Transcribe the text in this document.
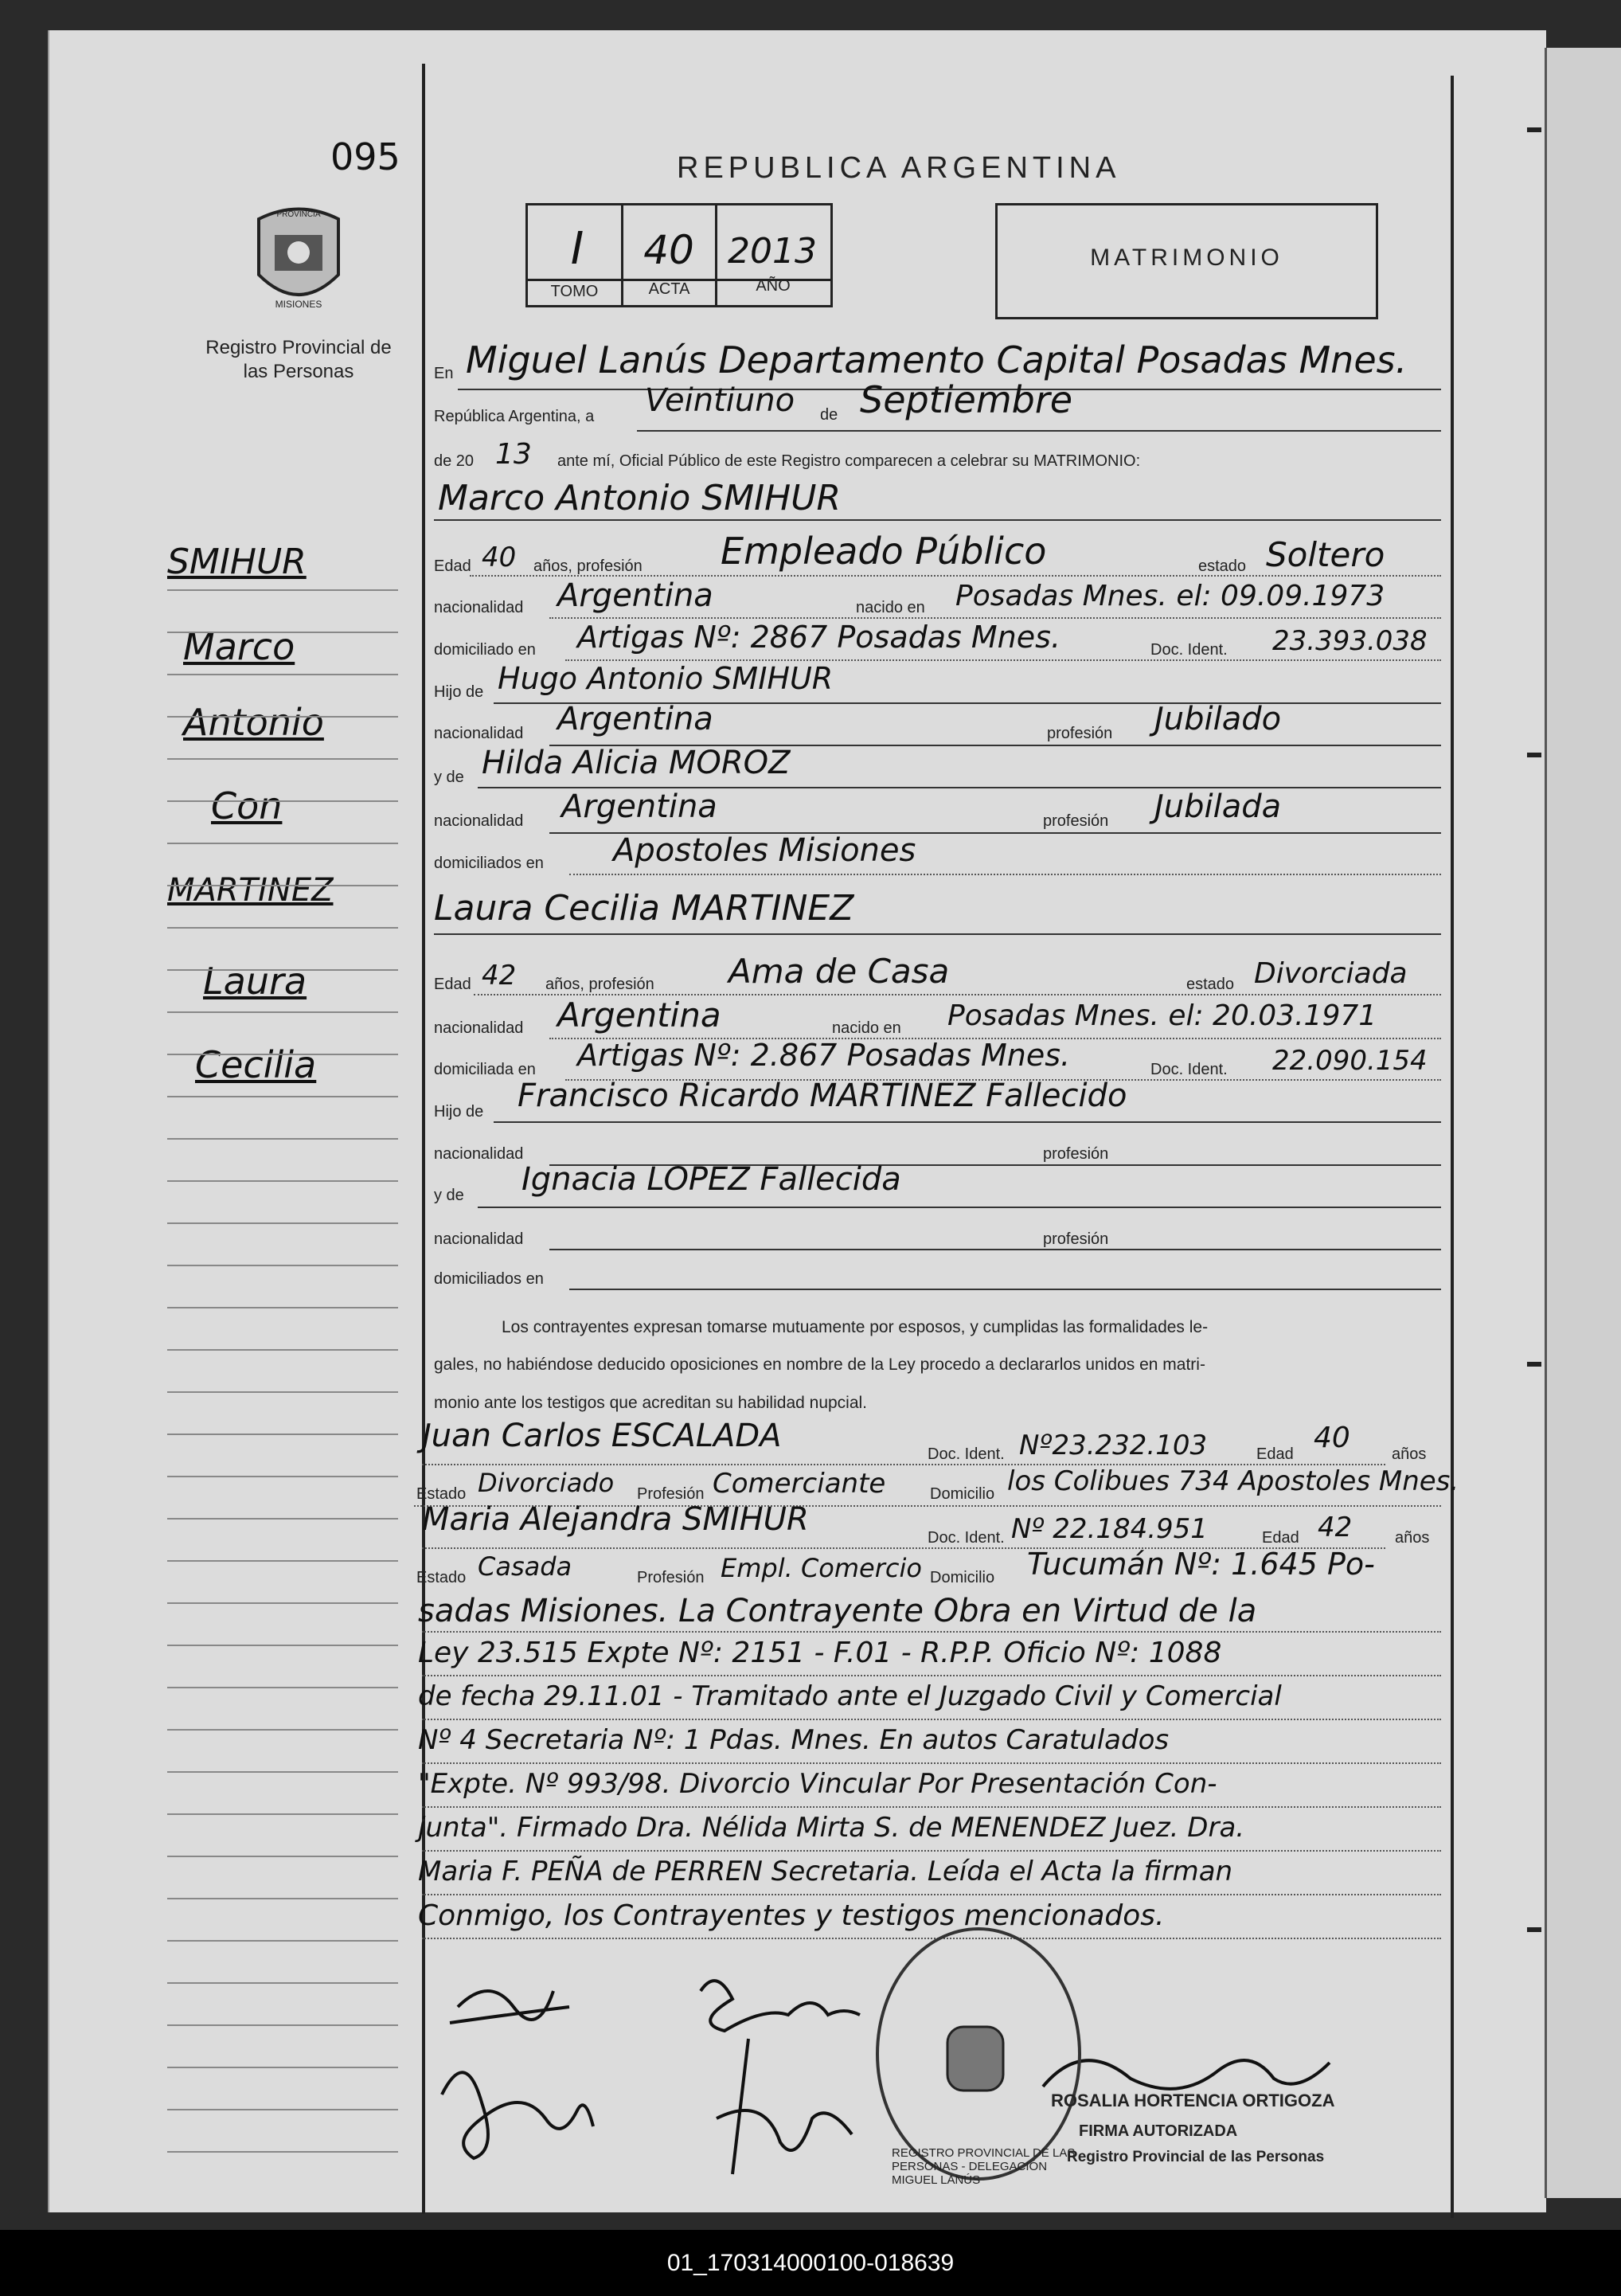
095
PROVINCIA
MISIONES
Registro Provincial de las Personas
REPUBLICA ARGENTINA
I	40 2013
TOMO	ACTA	AÑO
MATRIMONIO
SMIHUR
Marco
Antonio
Con
MARTINEZ
Laura
Cecilia
En Miguel Lanús Departamento Capital Posadas Mnes.
República Argentina, a Veintiuno de Septiembre
de 20 13 ante mí, Oficial Público de este Registro comparecen a celebrar su MATRIMONIO:
Marco Antonio SMIHUR
Edad 40 años, profesión Empleado Público	estado Soltero
nacionalidad Argentina	nacido en Posadas Mnes. el: 09.09.1973
domiciliado en Artigas Nº: 2867 Posadas Mnes.	Doc. Ident. 23.393.038
Hijo de Hugo Antonio SMIHUR
nacionalidad Argentina	profesión Jubilado
y de Hilda Alicia MOROZ
nacionalidad Argentina	profesión Jubilada
domiciliados en Apostoles Misiones
Laura Cecilia MARTINEZ
Edad 42 años, profesión Ama de Casa	estado Divorciada
nacionalidad Argentina	nacido en Posadas Mnes. el: 20.03.1971
domiciliada en Artigas Nº: 2.867 Posadas Mnes.	Doc. Ident. 22.090.154
Hijo de Francisco Ricardo MARTINEZ Fallecido
nacionalidad	profesión
y de Ignacia LOPEZ Fallecida
nacionalidad	profesión
domiciliados en
Los contrayentes expresan tomarse mutuamente por esposos, y cumplidas las formalidades le-
gales, no habiéndose deducido oposiciones en nombre de la Ley procedo a declararlos unidos en matri-
monio ante los testigos que acreditan su habilidad nupcial.
Juan Carlos ESCALADA	Doc. Ident. Nº23.232.103	Edad 40	años
Estado Divorciado Profesión Comerciante	Domicilio los Colibues 734 Apostoles Mnes.
Maria Alejandra SMIHUR	Doc. Ident. Nº 22.184.951	Edad 42	años
Estado Casada	Profesión Empl. Comercio Domicilio Tucumán Nº: 1.645 Po-
sadas Misiones. La Contrayente Obra en Virtud de la
Ley 23.515 Expte Nº: 2151 - F.01 - R.P.P. Oficio Nº: 1088
de fecha 29.11.01 - Tramitado ante el Juzgado Civil y Comercial
Nº 4 Secretaria Nº: 1 Pdas. Mnes. En autos Caratulados
"Expte. Nº 993/98. Divorcio Vincular Por Presentación Con-
junta". Firmado Dra. Nélida Mirta S. de MENENDEZ Juez. Dra.
Maria F. PEÑA de PERREN Secretaria. Leída el Acta la firman
Conmigo, los Contrayentes y testigos mencionados.
REGISTRO PROVINCIAL DE LAS PERSONAS - DELEGACIÓN MIGUEL LANÚS
ROSALIA HORTENCIA ORTIGOZA
FIRMA AUTORIZADA
Registro Provincial de las Personas
01_170314000100-018639
